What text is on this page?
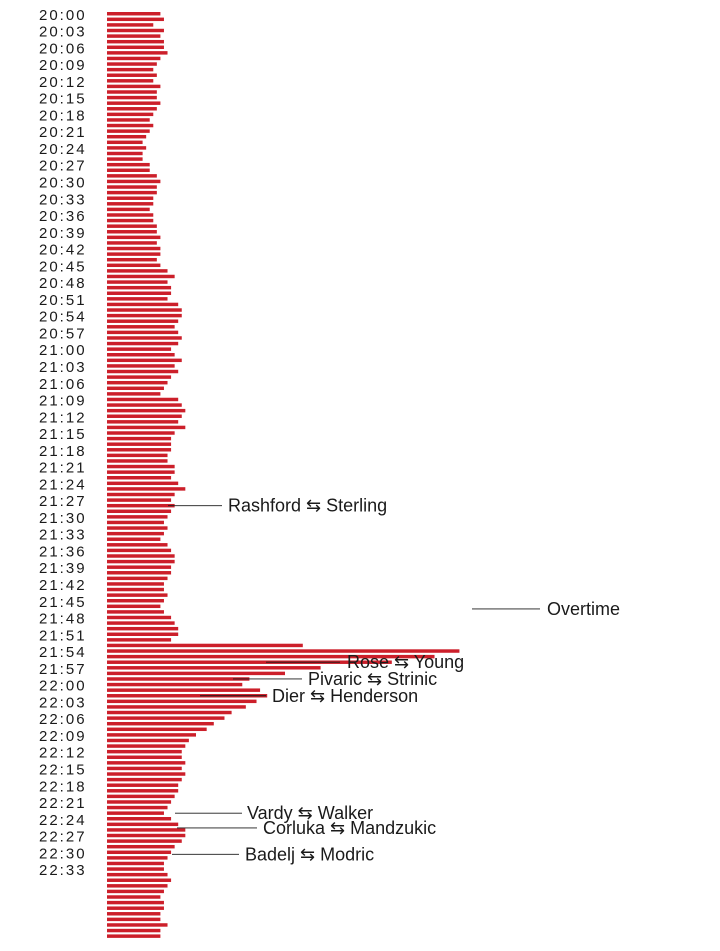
20:00
20:03
20:06
20:09
20:12
20:15
20:18
20:21
20:24
20:27
20:30
20:33
20:36
20:39
20:42
20:45
20:48
20:51
20:54
20:57
21:00
21:03
21:06
21:09
21:12
21:15
21:18
21:21
21:24
21:27
21:30
21:33
21:36
21:39
21:42
21:45
21:48
21:51
21:54
21:57
22:00
22:03
22:06
22:09
22:12
22:15
22:18
22:21
22:24
22:27
22:30
22:33
Rashford ⇆ Sterling
Overtime
Rose ⇆ Young
Pivaric ⇆ Strinic
Dier ⇆ Henderson
Vardy ⇆ Walker
Corluka ⇆ Mandzukic
Badelj ⇆ Modric
